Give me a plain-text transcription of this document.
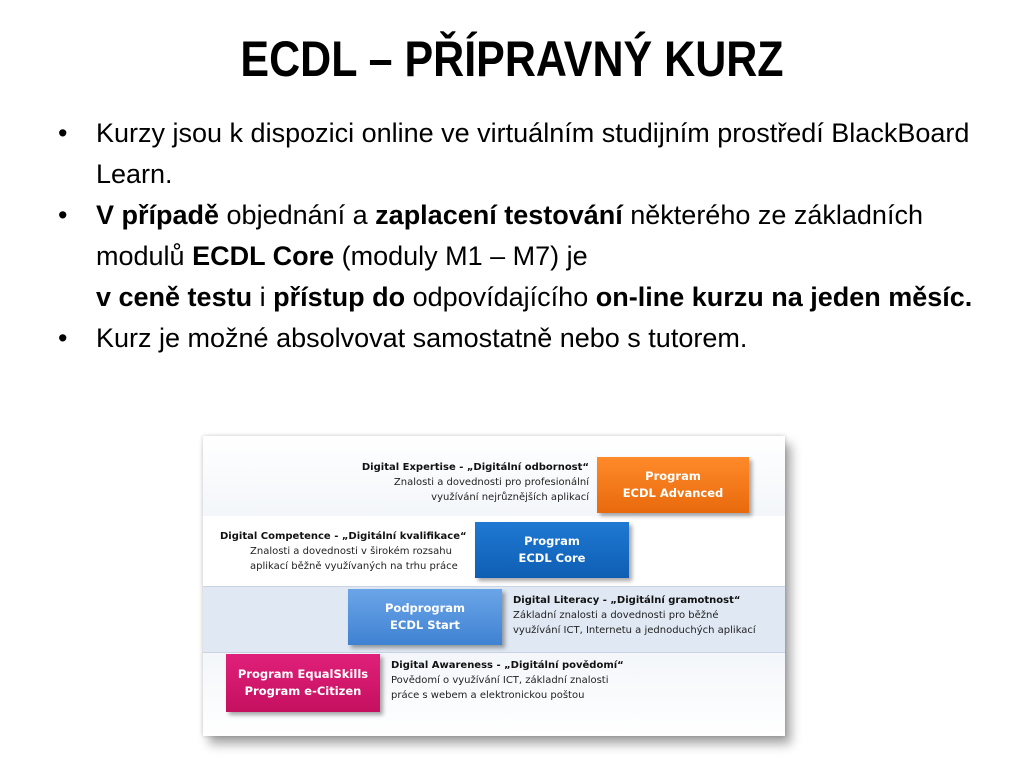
ECDL – PŘÍPRAVNÝ KURZ
• Kurzy jsou k dispozici online ve virtuálním studijním prostředí BlackBoard Learn.
• V případě objednání a zaplacení testování některého ze základních modulů ECDL Core (moduly M1 – M7) je
v ceně testu i přístup do odpovídajícího on-line kurzu na jeden měsíc.
• Kurz je možné absolvovat samostatně nebo s tutorem.
Digital Expertise - „Digitální odbornost“
Znalosti a dovednosti pro profesionální
využívání nejrůznějších aplikací
Program
ECDL Advanced
Digital Competence - „Digitální kvalifikace“
Znalosti a dovednosti v širokém rozsahu
aplikací běžně využívaných na trhu práce
Program
ECDL Core
Podprogram
ECDL Start
Digital Literacy - „Digitální gramotnost“
Základní znalosti a dovednosti pro běžné
využívání ICT, Internetu a jednoduchých aplikací
Program EqualSkills
Program e-Citizen
Digital Awareness - „Digitální povědomí“
Povědomí o využívání ICT, základní znalosti
práce s webem a elektronickou poštou
